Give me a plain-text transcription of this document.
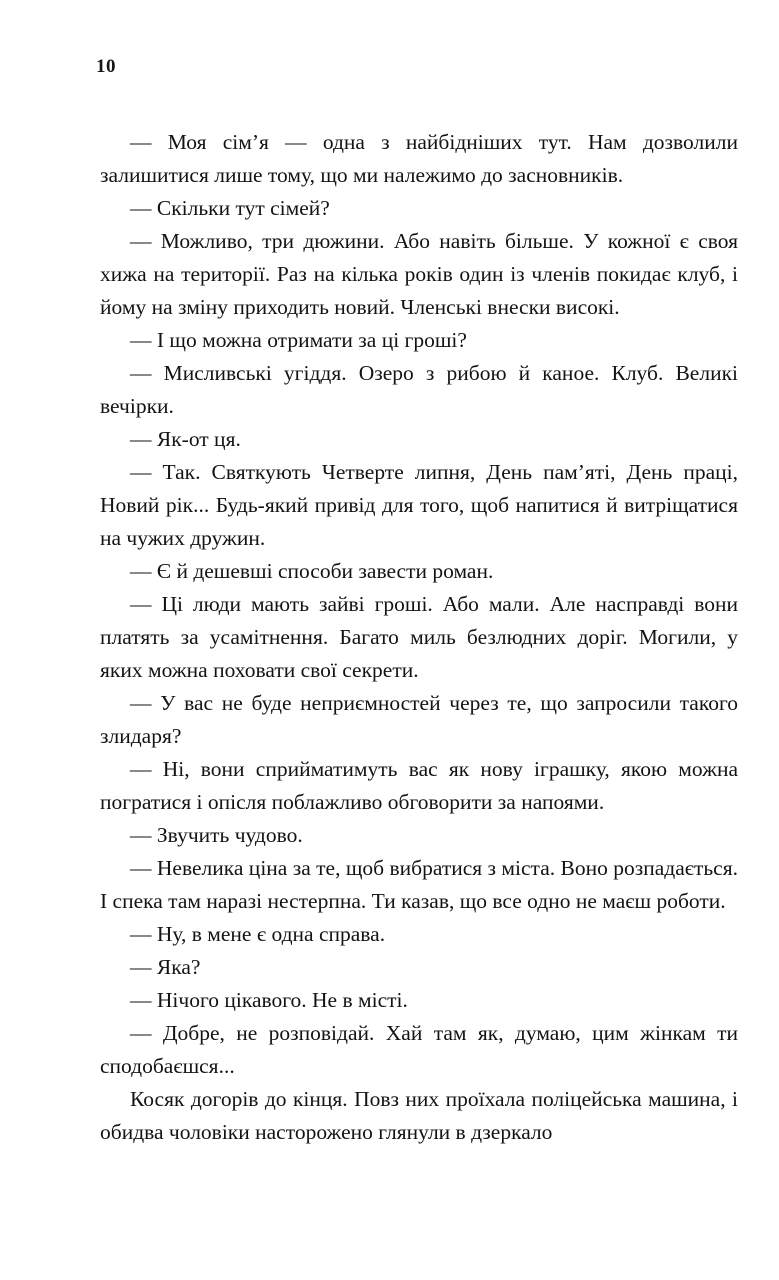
10

— Моя сім’я — одна з найбідніших тут. Нам дозволили залишитися лише тому, що ми належимо до засновників.

— Скільки тут сімей?

— Можливо, три дюжини. Або навіть більше. У кожної є своя хижа на території. Раз на кілька років один із членів покидає клуб, і йому на зміну приходить новий. Членські внески високі.

— І що можна отримати за ці гроші?

— Мисливські угіддя. Озеро з рибою й каное. Клуб. Великі вечірки.

— Як-от ця.

— Так. Святкують Четверте липня, День пам’яті, День праці, Новий рік... Будь-який привід для того, щоб напитися й витріщатися на чужих дружин.

— Є й дешевші способи завести роман.

— Ці люди мають зайві гроші. Або мали. Але насправді вони платять за усамітнення. Багато миль безлюдних доріг. Могили, у яких можна поховати свої секрети.

— У вас не буде неприємностей через те, що запросили такого злидаря?

— Ні, вони сприйматимуть вас як нову іграшку, якою можна погратися і опісля поблажливо обговорити за напоями.

— Звучить чудово.

— Невелика ціна за те, щоб вибратися з міста. Воно розпадається. І спека там наразі нестерпна. Ти казав, що все одно не маєш роботи.

— Ну, в мене є одна справа.

— Яка?

— Нічого цікавого. Не в місті.

— Добре, не розповідай. Хай там як, думаю, цим жінкам ти сподобаєшся...

Косяк догорів до кінця. Повз них проїхала поліцейська машина, і обидва чоловіки насторожено глянули в дзеркало
